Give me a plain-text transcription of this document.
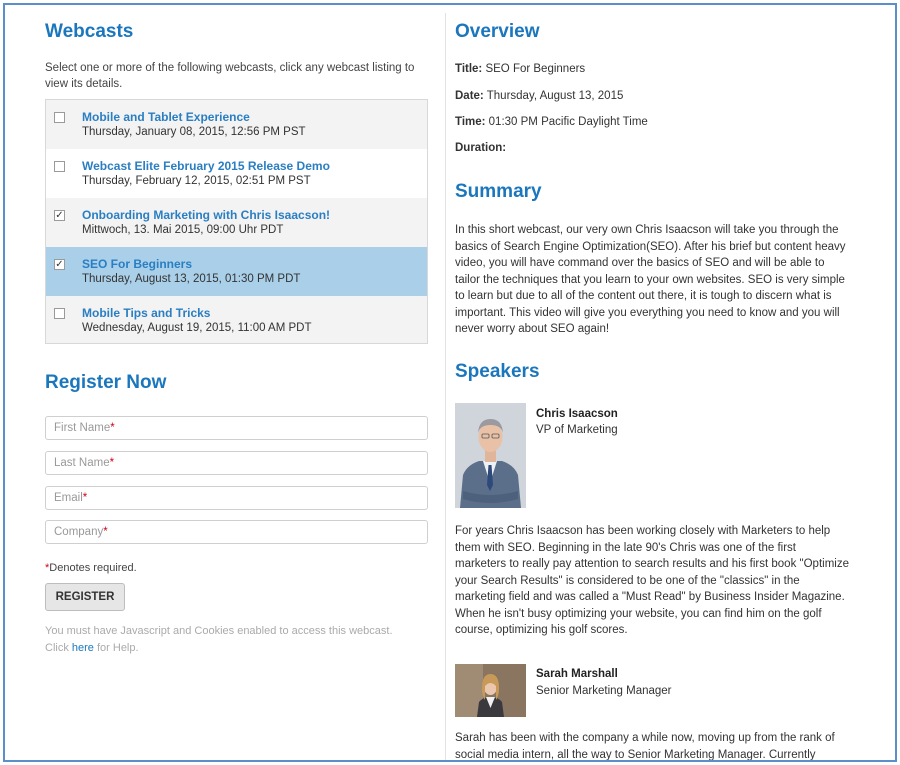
Webcasts
Select one or more of the following webcasts, click any webcast listing to view its details.
Mobile and Tablet Experience
Thursday, January 08, 2015, 12:56 PM PST
Webcast Elite February 2015 Release Demo
Thursday, February 12, 2015, 02:51 PM PST
✓ Onboarding Marketing with Chris Isaacson!
Mittwoch, 13. Mai 2015, 09:00 Uhr PDT
✓ SEO For Beginners
Thursday, August 13, 2015, 01:30 PM PDT
Mobile Tips and Tricks
Wednesday, August 19, 2015, 11:00 AM PDT
Register Now
First Name*
Last Name*
Email*
Company*
*Denotes required.
REGISTER
You must have Javascript and Cookies enabled to access this webcast.
Click here for Help.
Overview
Title: SEO For Beginners
Date: Thursday, August 13, 2015
Time: 01:30 PM Pacific Daylight Time
Duration:
Summary
In this short webcast, our very own Chris Isaacson will take you through the basics of Search Engine Optimization(SEO). After his brief but content heavy video, you will have command over the basics of SEO and will be able to tailor the techniques that you learn to your own websites. SEO is very simple to learn but due to all of the content out there, it is tough to discern what is important. This video will give you everything you need to know and you will never worry about SEO again!
Speakers
Chris Isaacson
VP of Marketing
For years Chris Isaacson has been working closely with Marketers to help them with SEO. Beginning in the late 90's Chris was one of the first marketers to really pay attention to search results and his first book "Optimize your Search Results" is considered to be one of the "classics" in the marketing field and was called a "Must Read" by Business Insider Magazine. When he isn't busy optimizing your website, you can find him on the golf course, optimizing his golf scores.
Sarah Marshall
Senior Marketing Manager
Sarah has been with the company a while now, moving up from the rank of social media intern, all the way to Senior Marketing Manager. Currently
